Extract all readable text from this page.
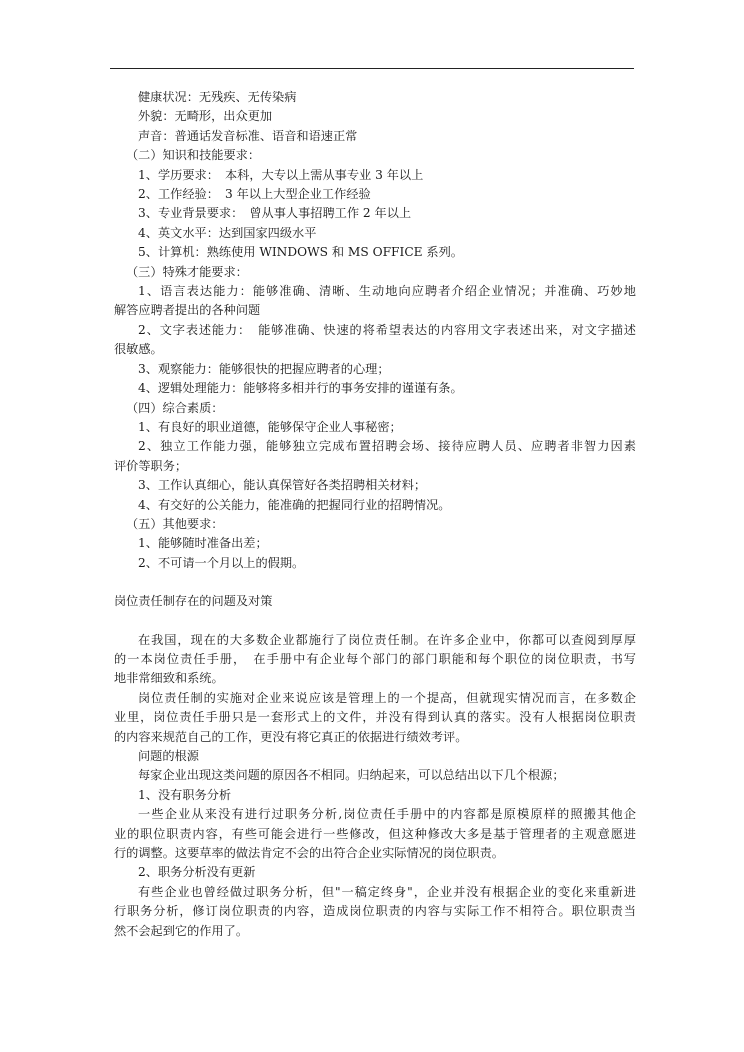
健康状况：无残疾、无传染病
外貌：无畸形，出众更加
声音：普通话发音标准、语音和语速正常
（二）知识和技能要求：
1、学历要求：　本科，大专以上需从事专业 3 年以上
2、工作经验：　3 年以上大型企业工作经验
3、专业背景要求：　曾从事人事招聘工作 2 年以上
4、英文水平：达到国家四级水平
5、计算机：熟练使用 WINDOWS 和 MS OFFICE 系列。
（三）特殊才能要求：
1、语言表达能力：能够准确、清晰、生动地向应聘者介绍企业情况；并准确、巧妙地
解答应聘者提出的各种问题
2、文字表述能力：　能够准确、快速的将希望表达的内容用文字表述出来，对文字描述
很敏感。
3、观察能力：能够很快的把握应聘者的心理；
4、逻辑处理能力：能够将多相并行的事务安排的谨谨有条。
（四）综合素质：
1、有良好的职业道德，能够保守企业人事秘密；
2、独立工作能力强，能够独立完成布置招聘会场、接待应聘人员、应聘者非智力因素
评价等职务；
3、工作认真细心，能认真保管好各类招聘相关材料；
4、有交好的公关能力，能准确的把握同行业的招聘情况。
（五）其他要求：
1、能够随时准备出差；
2、不可请一个月以上的假期。
岗位责任制存在的问题及对策
在我国，现在的大多数企业都施行了岗位责任制。在许多企业中，你都可以查阅到厚厚
的一本岗位责任手册，　在手册中有企业每个部门的部门职能和每个职位的岗位职责，书写
地非常细致和系统。
岗位责任制的实施对企业来说应该是管理上的一个提高，但就现实情况而言，在多数企
业里，岗位责任手册只是一套形式上的文件，并没有得到认真的落实。没有人根据岗位职责
的内容来规范自己的工作，更没有将它真正的依据进行绩效考评。
问题的根源
每家企业出现这类问题的原因各不相同。归纳起来，可以总结出以下几个根源；
1、没有职务分析
一些企业从来没有进行过职务分析,岗位责任手册中的内容都是原模原样的照搬其他企
业的职位职责内容，有些可能会进行一些修改，但这种修改大多是基于管理者的主观意愿进
行的调整。这要草率的做法肯定不会的出符合企业实际情况的岗位职责。
2、职务分析没有更新
有些企业也曾经做过职务分析，但"一稿定终身"，企业并没有根据企业的变化来重新进
行职务分析，修订岗位职责的内容，造成岗位职责的内容与实际工作不相符合。职位职责当
然不会起到它的作用了。
